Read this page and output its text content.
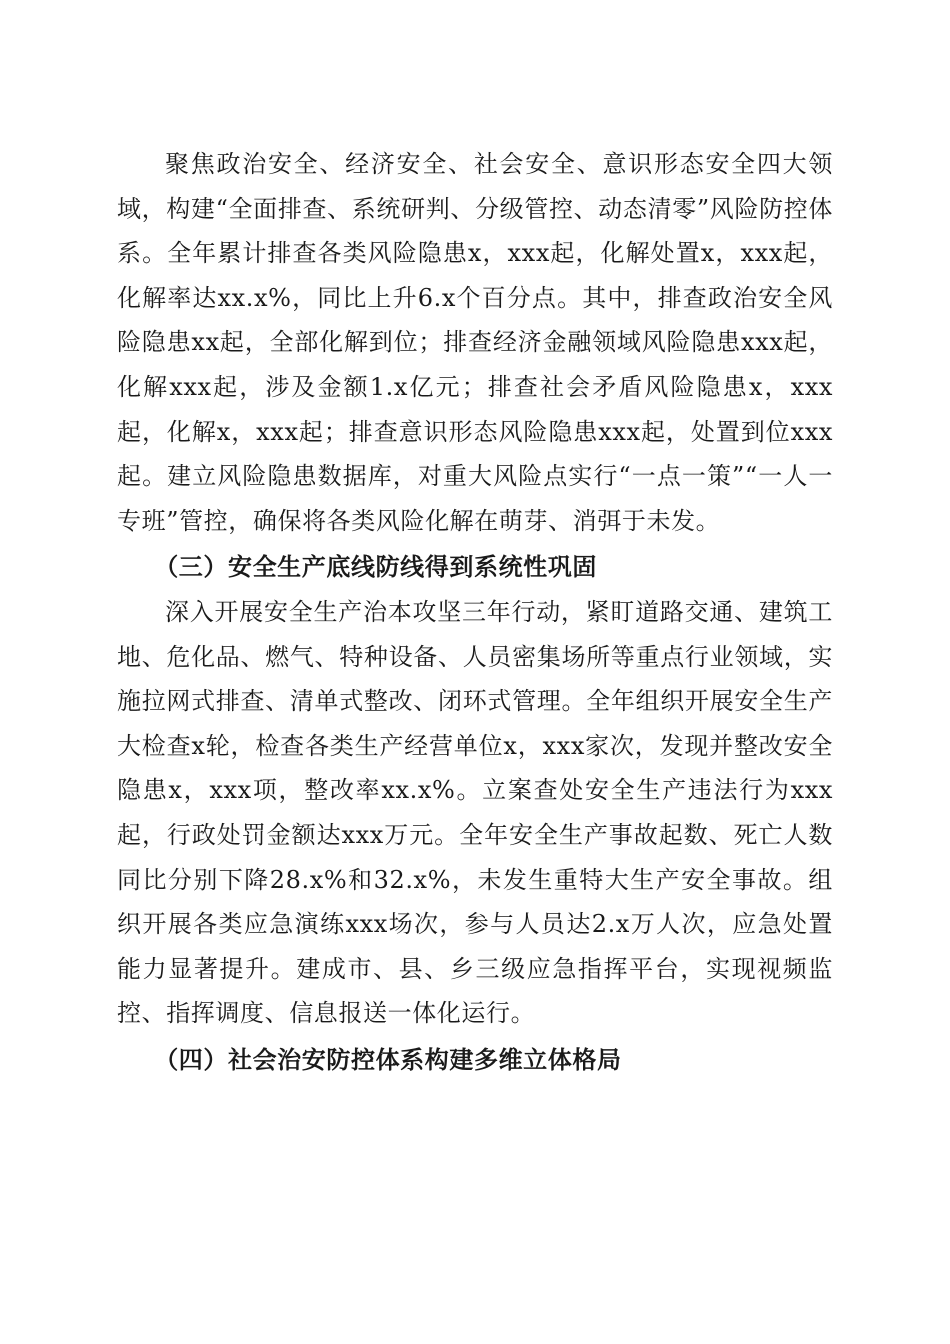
聚焦政治安全、经济安全、社会安全、意识形态安全四大领域，构建“全面排查、系统研判、分级管控、动态清零”风险防控体系。全年累计排查各类风险隐患x，xxx起，化解处置x，xxx起，化解率达xx.x%，同比上升6.x个百分点。其中，排查政治安全风险隐患xx起，全部化解到位；排查经济金融领域风险隐患xxx起，化解xxx起，涉及金额1.x亿元；排查社会矛盾风险隐患x，xxx起，化解x，xxx起；排查意识形态风险隐患xxx起，处置到位xxx起。建立风险隐患数据库，对重大风险点实行“一点一策”“一人一专班”管控，确保将各类风险化解在萌芽、消弭于未发。

（三）安全生产底线防线得到系统性巩固

深入开展安全生产治本攻坚三年行动，紧盯道路交通、建筑工地、危化品、燃气、特种设备、人员密集场所等重点行业领域，实施拉网式排查、清单式整改、闭环式管理。全年组织开展安全生产大检查x轮，检查各类生产经营单位x，xxx家次，发现并整改安全隐患x，xxx项，整改率xx.x%。立案查处安全生产违法行为xxx起，行政处罚金额达xxx万元。全年安全生产事故起数、死亡人数同比分别下降28.x%和32.x%，未发生重特大生产安全事故。组织开展各类应急演练xxx场次，参与人员达2.x万人次，应急处置能力显著提升。建成市、县、乡三级应急指挥平台，实现视频监控、指挥调度、信息报送一体化运行。

（四）社会治安防控体系构建多维立体格局
